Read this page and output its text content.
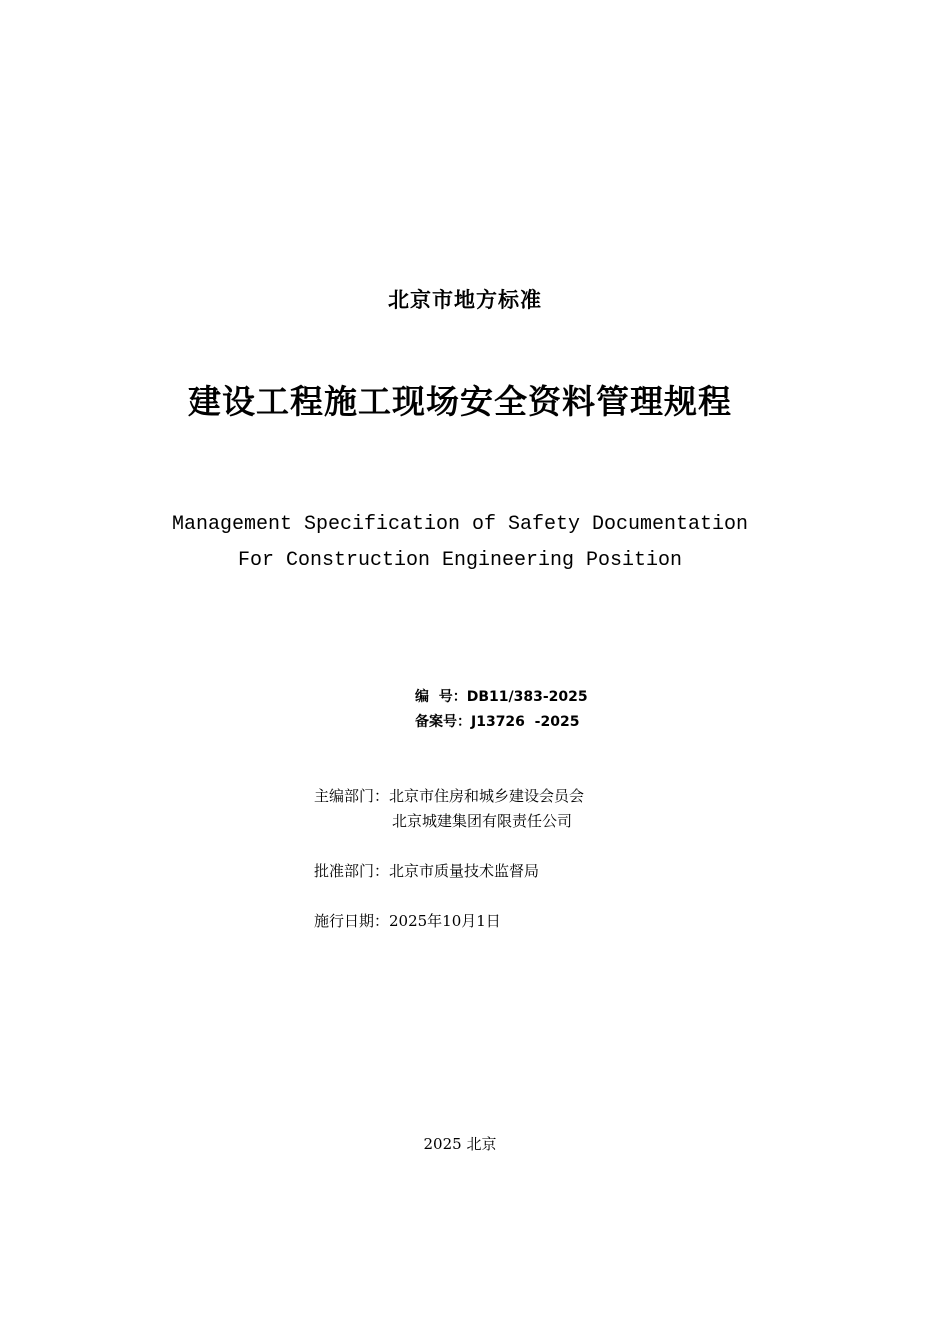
北京市地方标准
建设工程施工现场安全资料管理规程
Management Specification of Safety Documentation
For Construction Engineering Position
编  号：DB11/383-2025
备案号：J13726  -2025
主编部门：北京市住房和城乡建设会员会
北京城建集团有限责任公司
批准部门：北京市质量技术监督局
施行日期：2025年10月1日
2025 北京
